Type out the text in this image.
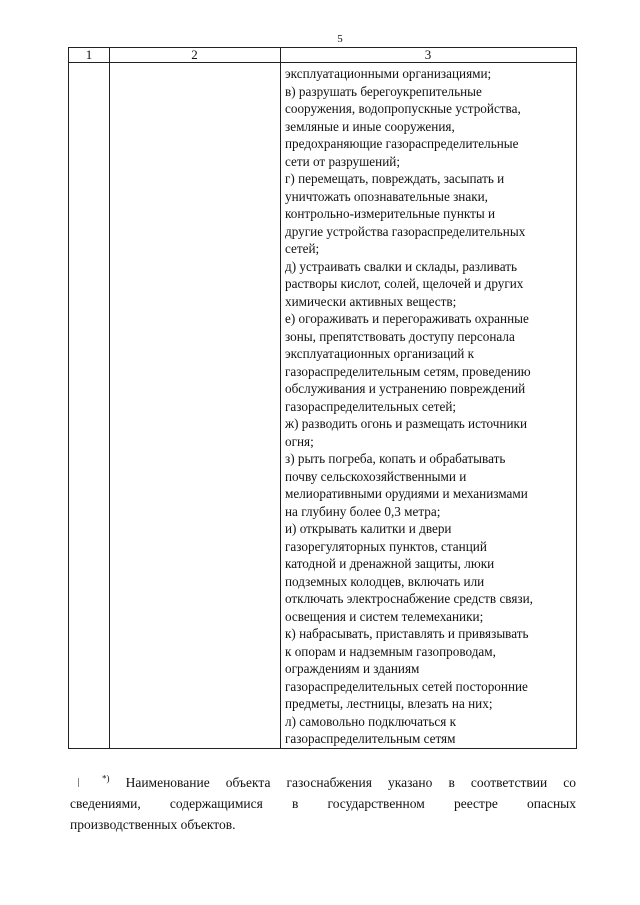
5
1	2	3
эксплуатационными организациями;
в) разрушать берегоукрепительные
сооружения, водопропускные устройства,
земляные и иные сооружения,
предохраняющие газораспределительные
сети от разрушений;
г) перемещать, повреждать, засыпать и
уничтожать опознавательные знаки,
контрольно-измерительные пункты и
другие устройства газораспределительных
сетей;
д) устраивать свалки и склады, разливать
растворы кислот, солей, щелочей и других
химически активных веществ;
е) огораживать и перегораживать охранные
зоны, препятствовать доступу персонала
эксплуатационных организаций к
газораспределительным сетям, проведению
обслуживания и устранению повреждений
газораспределительных сетей;
ж) разводить огонь и размещать источники
огня;
з) рыть погреба, копать и обрабатывать
почву сельскохозяйственными и
мелиоративными орудиями и механизмами
на глубину более 0,3 метра;
и) открывать калитки и двери
газорегуляторных пунктов, станций
катодной и дренажной защиты, люки
подземных колодцев, включать или
отключать электроснабжение средств связи,
освещения и систем телемеханики;
к) набрасывать, приставлять и привязывать
к опорам и надземным газопроводам,
ограждениям и зданиям
газораспределительных сетей посторонние
предметы, лестницы, влезать на них;
л) самовольно подключаться к
газораспределительным сетям
*) Наименование объекта газоснабжения указано в соответствии со
сведениями, содержащимися в государственном реестре опасных
производственных объектов.
